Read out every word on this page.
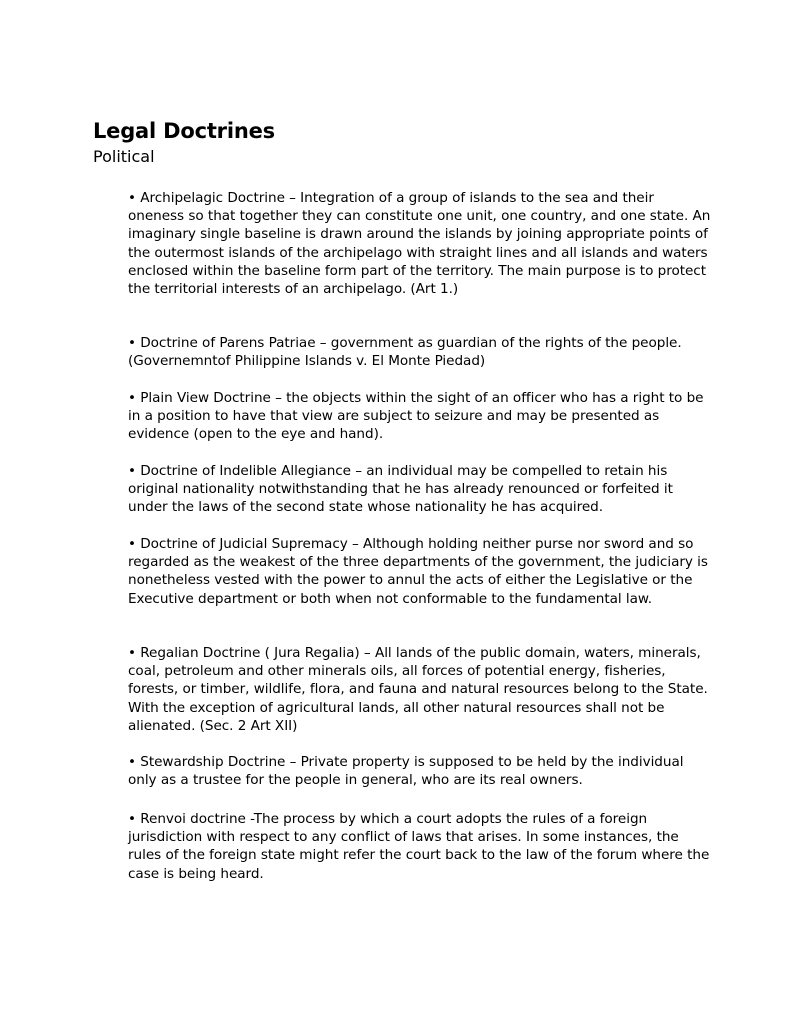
Legal Doctrines
Political
• Archipelagic Doctrine – Integration of a group of islands to the sea and their oneness so that together they can constitute one unit, one country, and one state. An imaginary single baseline is drawn around the islands by joining appropriate points of the outermost islands of the archipelago with straight lines and all islands and waters enclosed within the baseline form part of the territory. The main purpose is to protect the territorial interests of an archipelago. (Art 1.)
• Doctrine of Parens Patriae – government as guardian of the rights of the people. (Governemntof Philippine Islands v. El Monte Piedad)
• Plain View Doctrine – the objects within the sight of an officer who has a right to be in a position to have that view are subject to seizure and may be presented as evidence (open to the eye and hand).
• Doctrine of Indelible Allegiance – an individual may be compelled to retain his original nationality notwithstanding that he has already renounced or forfeited it under the laws of the second state whose nationality he has acquired.
• Doctrine of Judicial Supremacy – Although holding neither purse nor sword and so regarded as the weakest of the three departments of the government, the judiciary is nonetheless vested with the power to annul the acts of either the Legislative or the Executive department or both when not conformable to the fundamental law.
• Regalian Doctrine ( Jura Regalia) – All lands of the public domain, waters, minerals, coal, petroleum and other minerals oils, all forces of potential energy, fisheries, forests, or timber, wildlife, flora, and fauna and natural resources belong to the State. With the exception of agricultural lands, all other natural resources shall not be alienated. (Sec. 2 Art XII)
• Stewardship Doctrine – Private property is supposed to be held by the individual only as a trustee for the people in general, who are its real owners.
• Renvoi doctrine -The process by which a court adopts the rules of a foreign jurisdiction with respect to any conflict of laws that arises. In some instances, the rules of the foreign state might refer the court back to the law of the forum where the case is being heard.
